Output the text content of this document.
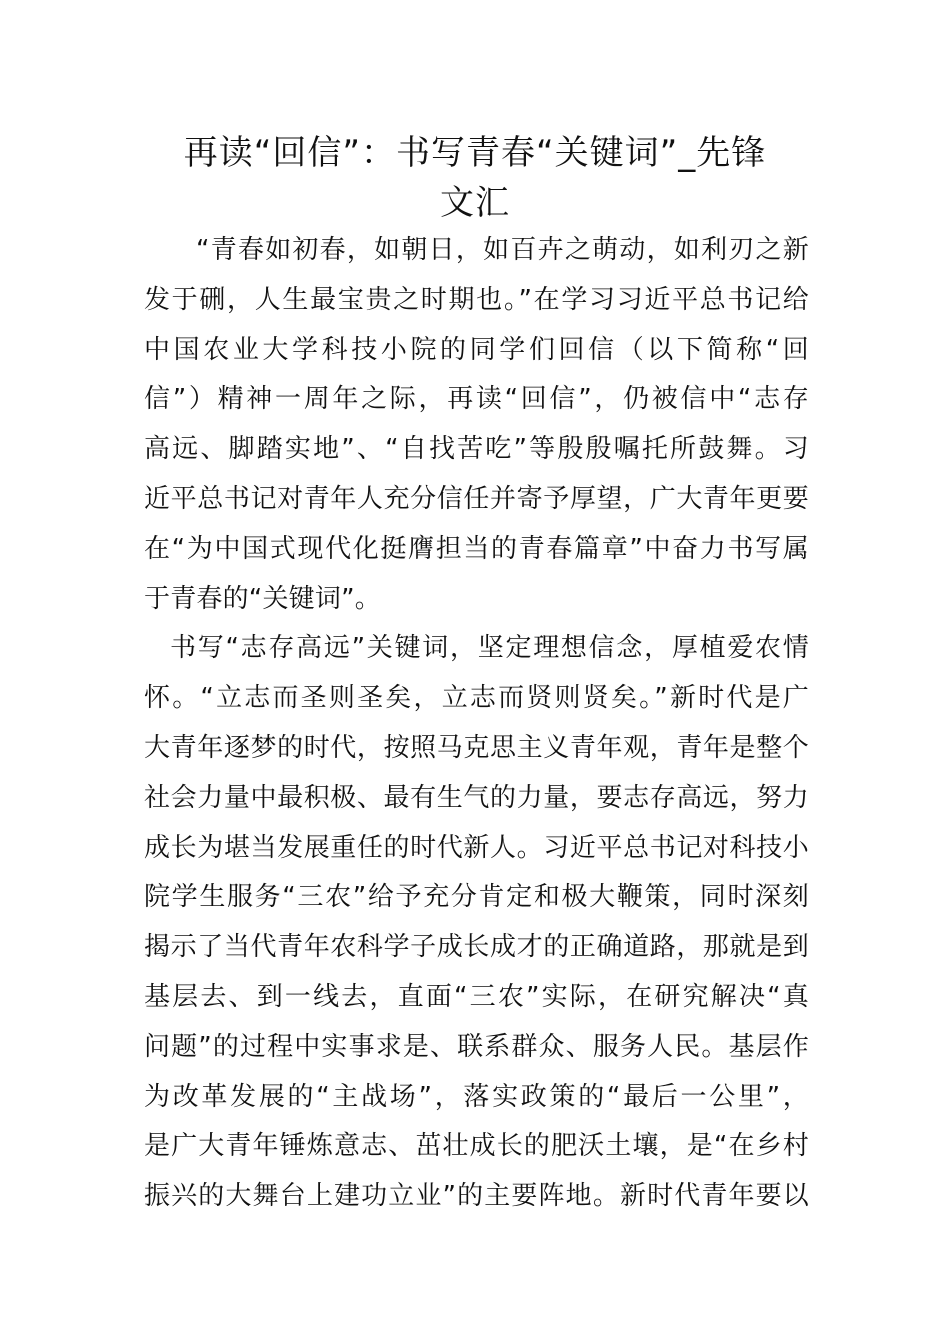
再读“回信”：书写青春“关键词”_先锋
文汇
“青春如初春，如朝日，如百卉之萌动，如利刃之新
发于硎，人生最宝贵之时期也。”在学习习近平总书记给
中国农业大学科技小院的同学们回信（以下简称“回
信”）精神一周年之际，再读“回信”，仍被信中“志存
高远、脚踏实地”、“自找苦吃”等殷殷嘱托所鼓舞。习
近平总书记对青年人充分信任并寄予厚望，广大青年更要
在“为中国式现代化挺膺担当的青春篇章”中奋力书写属
于青春的“关键词”。
书写“志存高远”关键词，坚定理想信念，厚植爱农情
怀。“立志而圣则圣矣，立志而贤则贤矣。”新时代是广
大青年逐梦的时代，按照马克思主义青年观，青年是整个
社会力量中最积极、最有生气的力量，要志存高远，努力
成长为堪当发展重任的时代新人。习近平总书记对科技小
院学生服务“三农”给予充分肯定和极大鞭策，同时深刻
揭示了当代青年农科学子成长成才的正确道路，那就是到
基层去、到一线去，直面“三农”实际，在研究解决“真
问题”的过程中实事求是、联系群众、服务人民。基层作
为改革发展的“主战场”，落实政策的“最后一公里”，
是广大青年锤炼意志、茁壮成长的肥沃土壤，是“在乡村
振兴的大舞台上建功立业”的主要阵地。新时代青年要以
